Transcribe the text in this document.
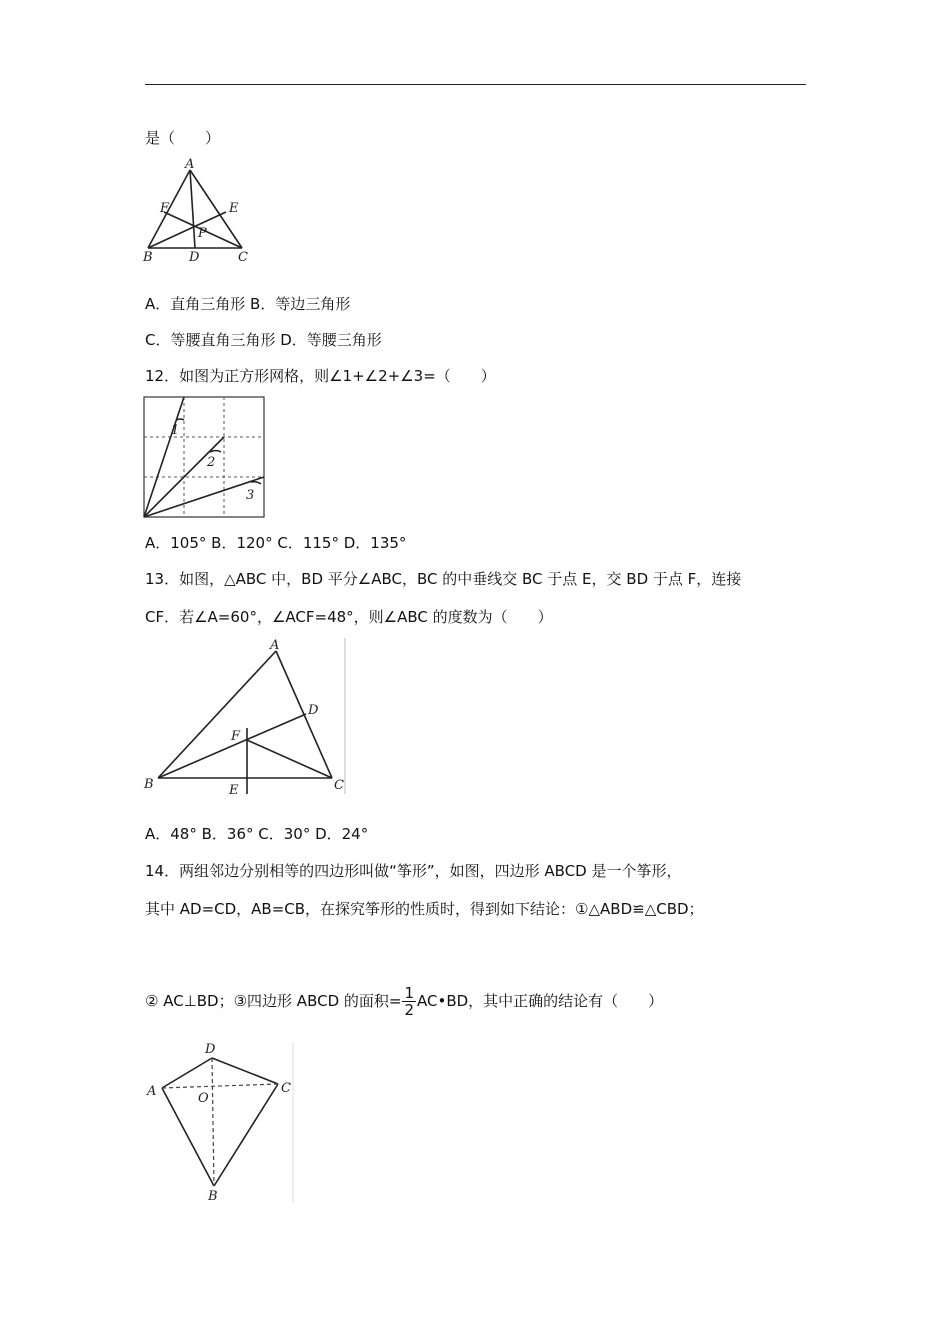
是（　　）
A
F	E
P
B	D	C
A．直角三角形 B．等边三角形
C．等腰直角三角形 D．等腰三角形
12．如图为正方形网格，则∠1+∠2+∠3=（　　）
1
2
3
A．105° B．120° C．115° D．135°
13．如图，△ABC 中，BD 平分∠ABC，BC 的中垂线交 BC 于点 E，交 BD 于点 F，连接
CF．若∠A=60°，∠ACF=48°，则∠ABC 的度数为（　　）
A
D
F
B	E	C
A．48° B．36° C．30° D．24°
14．两组邻边分别相等的四边形叫做“筝形”，如图，四边形 ABCD 是一个筝形，
其中 AD=CD，AB=CB，在探究筝形的性质时，得到如下结论：①△ABD≌△CBD；
② AC⊥BD；③四边形 ABCD 的面积= $\frac{1}{2}$ AC•BD，其中正确的结论有（　　）
D
A	C
O
B
